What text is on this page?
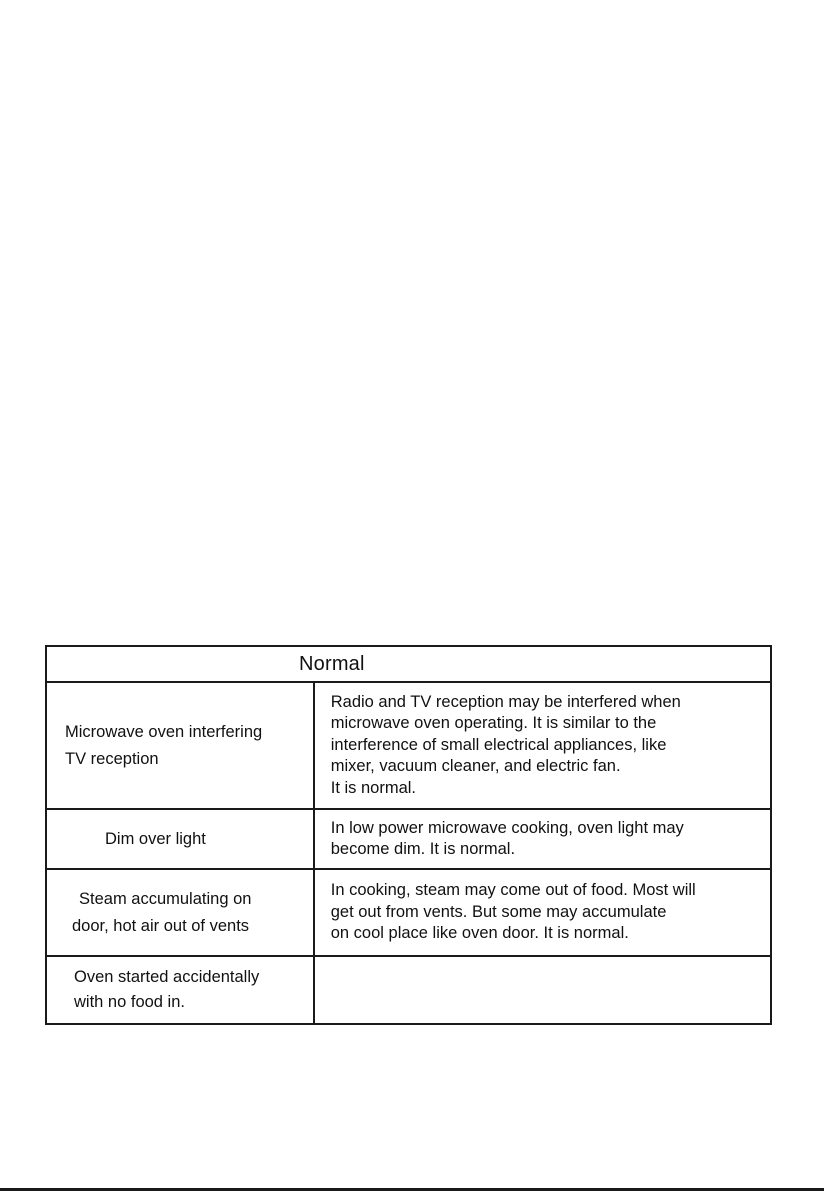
Normal	

Microwave oven interfering
TV reception	Radio and TV reception may be interfered when
microwave oven operating. It is similar to the
interference of small electrical appliances, like
mixer, vacuum cleaner, and electric fan.
It is normal.

Dim over light	In low power microwave cooking, oven light may
become dim. It is normal.

Steam accumulating on
door, hot air out of vents	In cooking, steam may come out of food. Most will
get out from vents. But some may accumulate
on cool place like oven door. It is normal.

Oven started accidentally
with no food in.	
